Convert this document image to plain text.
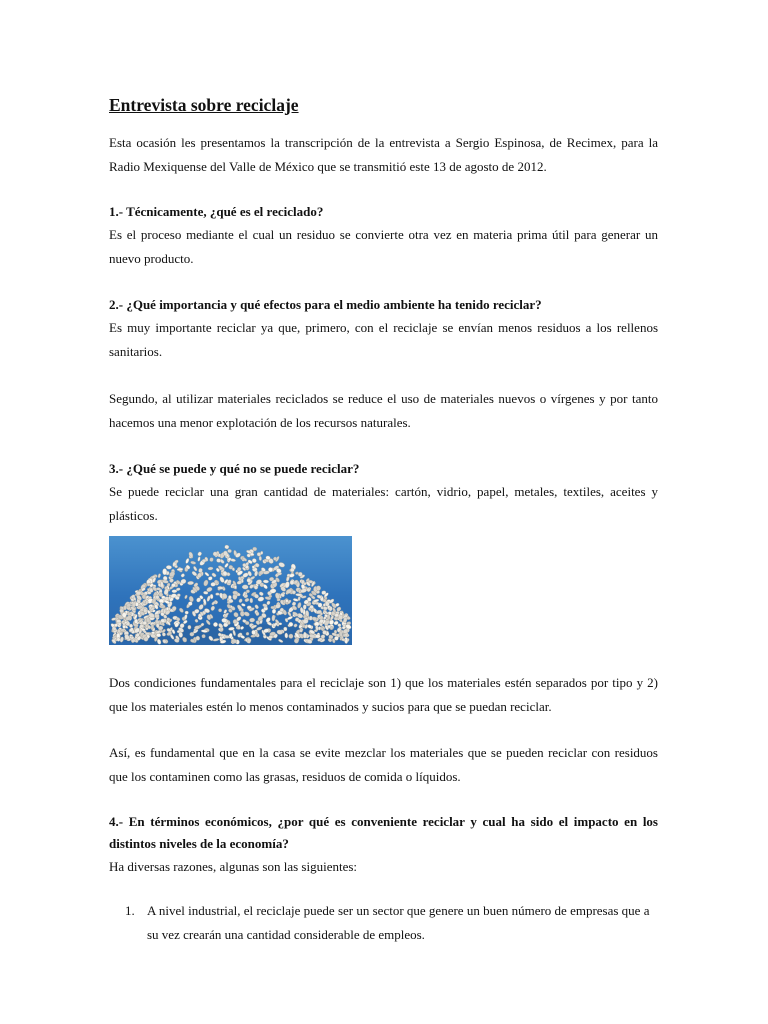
Entrevista sobre reciclaje

Esta ocasión les presentamos la transcripción de la entrevista a Sergio Espinosa, de Recimex, para la Radio Mexiquense del Valle de México que se transmitió este 13 de agosto de 2012.

1.- Técnicamente, ¿qué es el reciclado?

Es el proceso mediante el cual un residuo se convierte otra vez en materia prima útil para generar un nuevo producto.

2.- ¿Qué importancia y qué efectos para el medio ambiente ha tenido reciclar?

Es muy importante reciclar ya que, primero, con el reciclaje se envían menos residuos a los rellenos sanitarios.

Segundo, al utilizar materiales reciclados se reduce el uso de materiales nuevos o vírgenes y por tanto hacemos una menor explotación de los recursos naturales.

3.- ¿Qué se puede y qué no se puede reciclar?

Se puede reciclar una gran cantidad de materiales: cartón, vidrio, papel, metales, textiles, aceites y plásticos.

Dos condiciones fundamentales para el reciclaje son 1) que los materiales estén separados por tipo y 2) que los materiales estén lo menos contaminados y sucios para que se puedan reciclar.

Así, es fundamental que en la casa se evite mezclar los materiales que se pueden reciclar con residuos que los contaminen como las grasas, residuos de comida o líquidos.

4.- En términos económicos, ¿por qué es conveniente reciclar y cual ha sido el impacto en los distintos niveles de la economía?

Ha diversas razones, algunas son las siguientes:

1. A nivel industrial, el reciclaje puede ser un sector que genere un buen número de empresas que a su vez crearán una cantidad considerable de empleos.
